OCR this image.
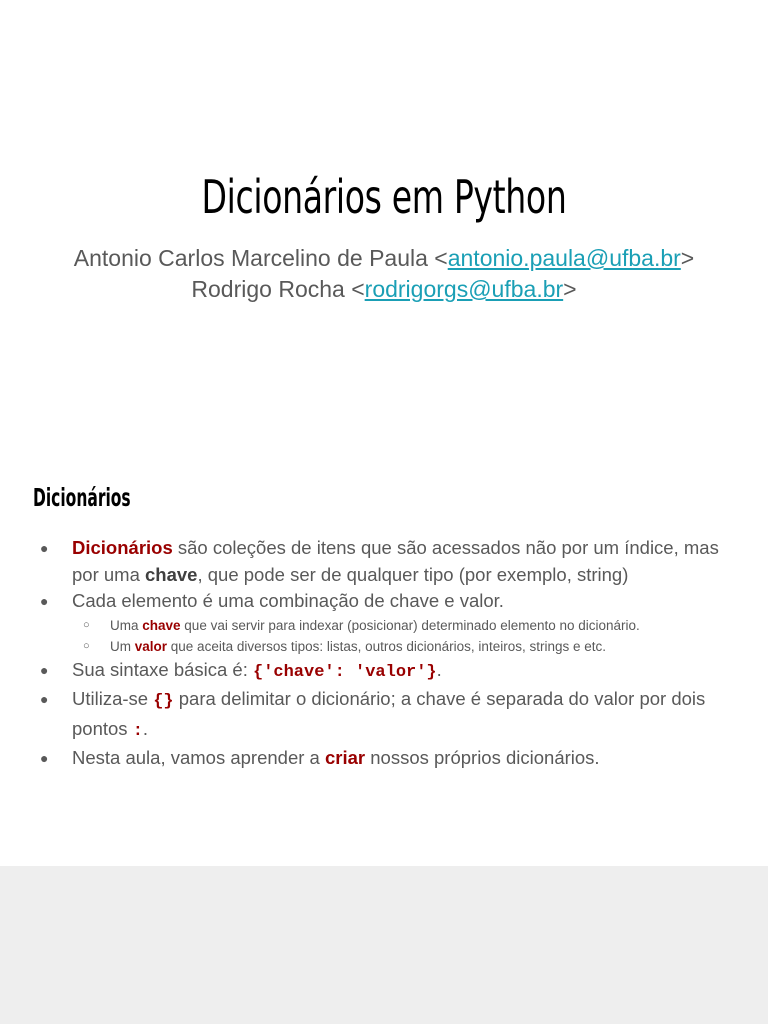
Dicionários em Python
Antonio Carlos Marcelino de Paula <antonio.paula@ufba.br>
Rodrigo Rocha <rodrigorgs@ufba.br>
Dicionários
● Dicionários são coleções de itens que são acessados não por um índice, mas por uma chave, que pode ser de qualquer tipo (por exemplo, string)
● Cada elemento é uma combinação de chave e valor.
○ Uma chave que vai servir para indexar (posicionar) determinado elemento no dicionário.
○ Um valor que aceita diversos tipos: listas, outros dicionários, inteiros, strings e etc.
● Sua sintaxe básica é: {'chave': 'valor'}.
● Utiliza-se {} para delimitar o dicionário; a chave é separada do valor por dois pontos :.
● Nesta aula, vamos aprender a criar nossos próprios dicionários.
